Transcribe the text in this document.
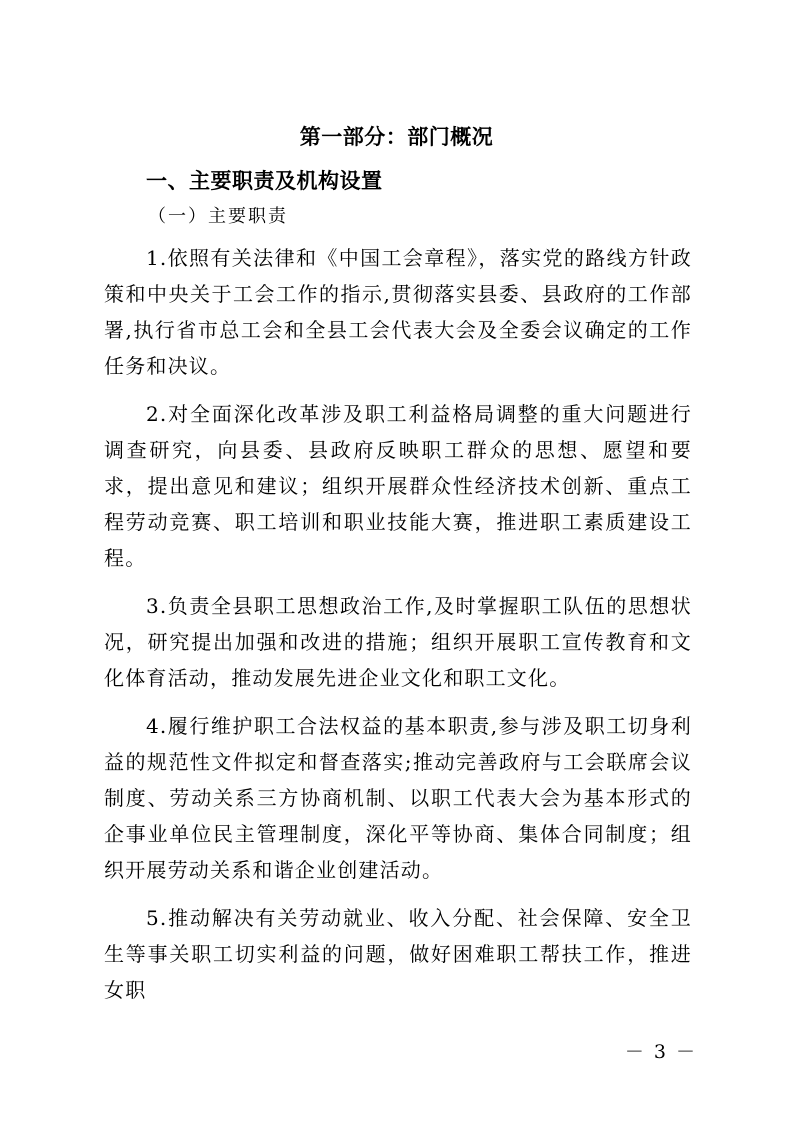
第一部分：部门概况
一、主要职责及机构设置
（一）主要职责

1.依照有关法律和《中国工会章程》，落实党的路线方针政策和中央关于工会工作的指示,贯彻落实县委、县政府的工作部署,执行省市总工会和全县工会代表大会及全委会议确定的工作任务和决议。

2.对全面深化改革涉及职工利益格局调整的重大问题进行调查研究，向县委、县政府反映职工群众的思想、愿望和要求，提出意见和建议；组织开展群众性经济技术创新、重点工程劳动竞赛、职工培训和职业技能大赛，推进职工素质建设工程。

3.负责全县职工思想政治工作,及时掌握职工队伍的思想状况，研究提出加强和改进的措施；组织开展职工宣传教育和文化体育活动，推动发展先进企业文化和职工文化。

4.履行维护职工合法权益的基本职责,参与涉及职工切身利益的规范性文件拟定和督查落实;推动完善政府与工会联席会议制度、劳动关系三方协商机制、以职工代表大会为基本形式的企事业单位民主管理制度，深化平等协商、集体合同制度；组织开展劳动关系和谐企业创建活动。

5.推动解决有关劳动就业、收入分配、社会保障、安全卫生等事关职工切实利益的问题，做好困难职工帮扶工作，推进女职

－ 3 －
